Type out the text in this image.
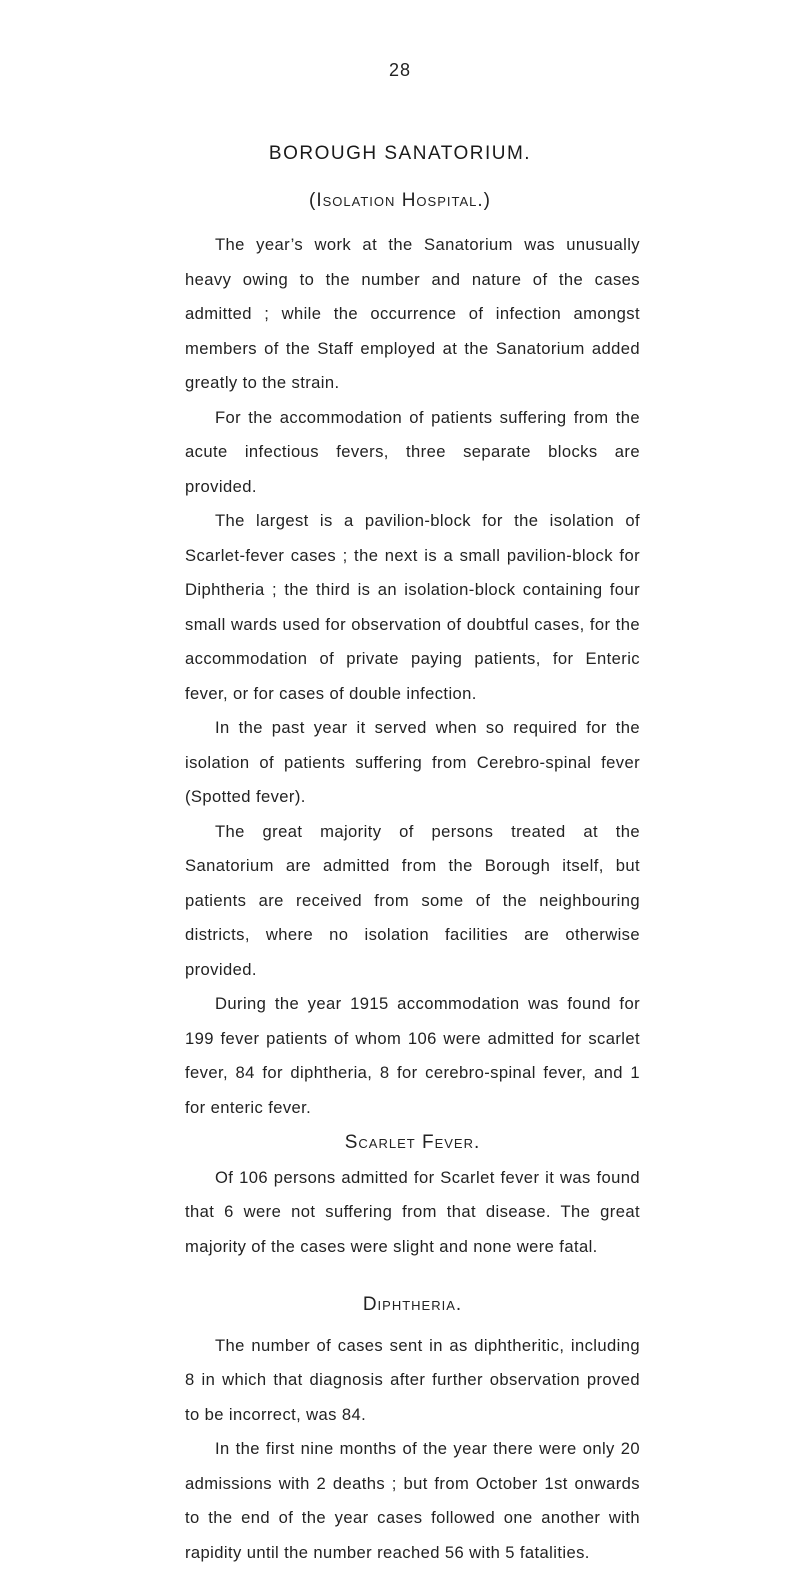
28
BOROUGH SANATORIUM.
(Isolation Hospital.)

The year’s work at the Sanatorium was unusually heavy owing to the number and nature of the cases admitted ; while the occurrence of infection amongst members of the Staff employed at the Sanatorium added greatly to the strain.

For the accommodation of patients suffering from the acute infectious fevers, three separate blocks are provided.

The largest is a pavilion-block for the isolation of Scarlet-fever cases ; the next is a small pavilion-block for Diphtheria ; the third is an isolation-block containing four small wards used for observation of doubtful cases, for the accommodation of private paying patients, for Enteric fever, or for cases of double infection.

In the past year it served when so required for the isolation of patients suffering from Cerebro-spinal fever (Spotted fever).

The great majority of persons treated at the Sanatorium are admitted from the Borough itself, but patients are received from some of the neighbouring districts, where no isolation facilities are otherwise provided.

During the year 1915 accommodation was found for 199 fever patients of whom 106 were admitted for scarlet fever, 84 for diphtheria, 8 for cerebro-spinal fever, and 1 for enteric fever.

Scarlet Fever.

Of 106 persons admitted for Scarlet fever it was found that 6 were not suffering from that disease. The great majority of the cases were slight and none were fatal.

Diphtheria.

The number of cases sent in as diphtheritic, including 8 in which that diagnosis after further observation proved to be incorrect, was 84.

In the first nine months of the year there were only 20 admissions with 2 deaths ; but from October 1st onwards to the end of the year cases followed one another with rapidity until the number reached 56 with 5 fatalities.
